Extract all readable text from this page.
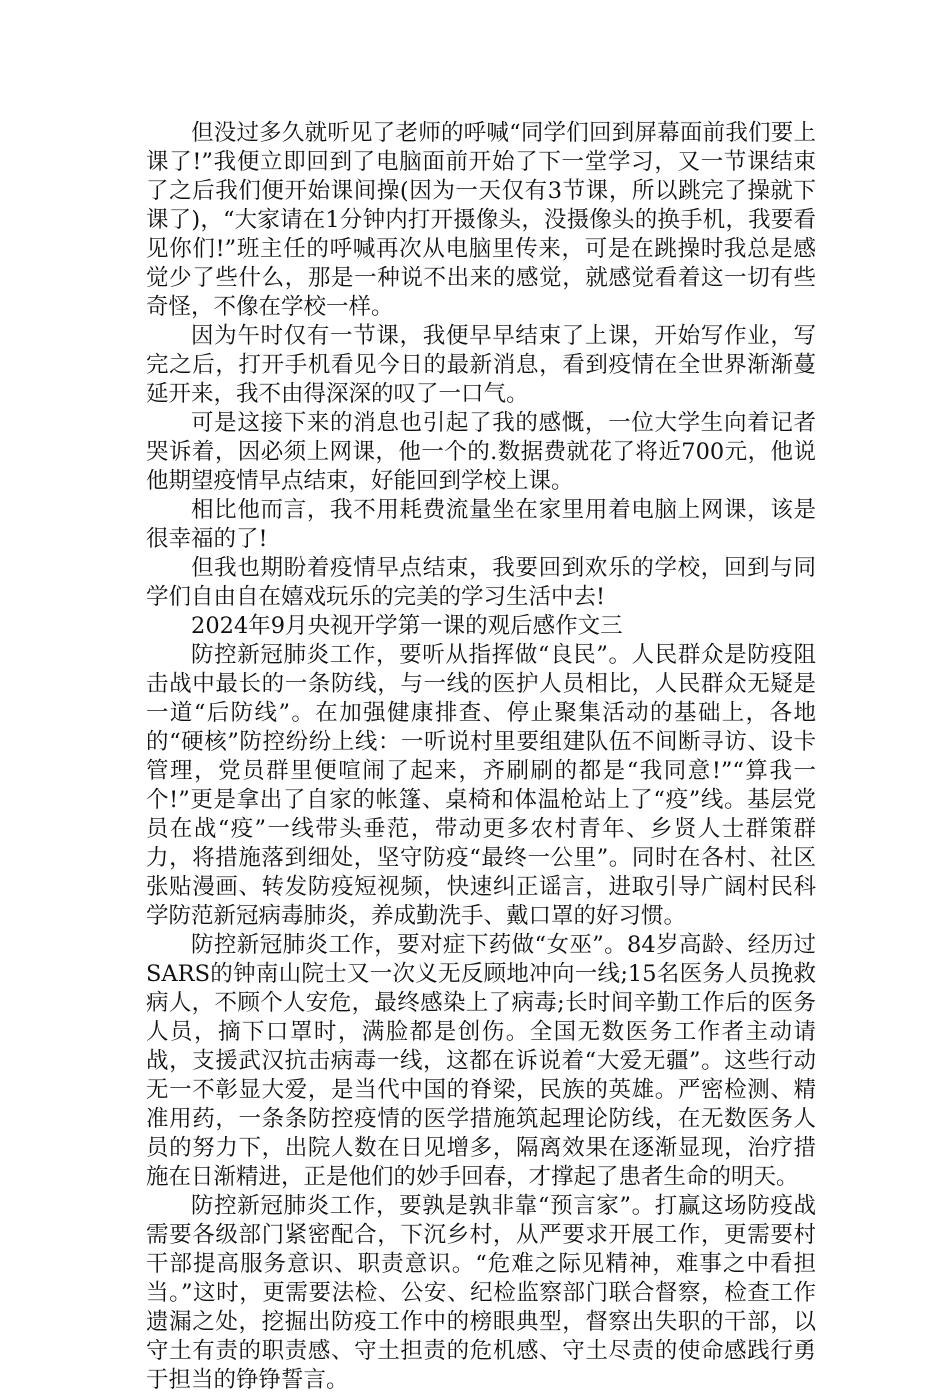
但没过多久就听见了老师的呼喊“同学们回到屏幕面前我们要上课了!”我便立即回到了电脑面前开始了下一堂学习，又一节课结束了之后我们便开始课间操(因为一天仅有3节课，所以跳完了操就下课了)，“大家请在1分钟内打开摄像头，没摄像头的换手机，我要看见你们!”班主任的呼喊再次从电脑里传来，可是在跳操时我总是感觉少了些什么，那是一种说不出来的感觉，就感觉看着这一切有些奇怪，不像在学校一样。

因为午时仅有一节课，我便早早结束了上课，开始写作业，写完之后，打开手机看见今日的最新消息，看到疫情在全世界渐渐蔓延开来，我不由得深深的叹了一口气。

可是这接下来的消息也引起了我的感慨，一位大学生向着记者哭诉着，因必须上网课，他一个的.数据费就花了将近700元，他说他期望疫情早点结束，好能回到学校上课。

相比他而言，我不用耗费流量坐在家里用着电脑上网课，该是很幸福的了!

但我也期盼着疫情早点结束，我要回到欢乐的学校，回到与同学们自由自在嬉戏玩乐的完美的学习生活中去!

2024年9月央视开学第一课的观后感作文三

防控新冠肺炎工作，要听从指挥做“良民”。人民群众是防疫阻击战中最长的一条防线，与一线的医护人员相比，人民群众无疑是一道“后防线”。在加强健康排查、停止聚集活动的基础上，各地的“硬核”防控纷纷上线：一听说村里要组建队伍不间断寻访、设卡管理，党员群里便喧闹了起来，齐刷刷的都是“我同意!”“算我一个!”更是拿出了自家的帐篷、桌椅和体温枪站上了“疫”线。基层党员在战“疫”一线带头垂范，带动更多农村青年、乡贤人士群策群力，将措施落到细处，坚守防疫“最终一公里”。同时在各村、社区张贴漫画、转发防疫短视频，快速纠正谣言，进取引导广阔村民科学防范新冠病毒肺炎，养成勤洗手、戴口罩的好习惯。

防控新冠肺炎工作，要对症下药做“女巫”。84岁高龄、经历过SARS的钟南山院士又一次义无反顾地冲向一线;15名医务人员挽救病人，不顾个人安危，最终感染上了病毒;长时间辛勤工作后的医务人员，摘下口罩时，满脸都是创伤。全国无数医务工作者主动请战，支援武汉抗击病毒一线，这都在诉说着“大爱无疆”。这些行动无一不彰显大爱，是当代中国的脊梁，民族的英雄。严密检测、精准用药，一条条防控疫情的医学措施筑起理论防线，在无数医务人员的努力下，出院人数在日见增多，隔离效果在逐渐显现，治疗措施在日渐精进，正是他们的妙手回春，才撑起了患者生命的明天。

防控新冠肺炎工作，要孰是孰非靠“预言家”。打赢这场防疫战需要各级部门紧密配合，下沉乡村，从严要求开展工作，更需要村干部提高服务意识、职责意识。“危难之际见精神，难事之中看担当。”这时，更需要法检、公安、纪检监察部门联合督察，检查工作遗漏之处，挖掘出防疫工作中的榜眼典型，督察出失职的干部，以守土有责的职责感、守土担责的危机感、守土尽责的使命感践行勇于担当的铮铮誓言。
